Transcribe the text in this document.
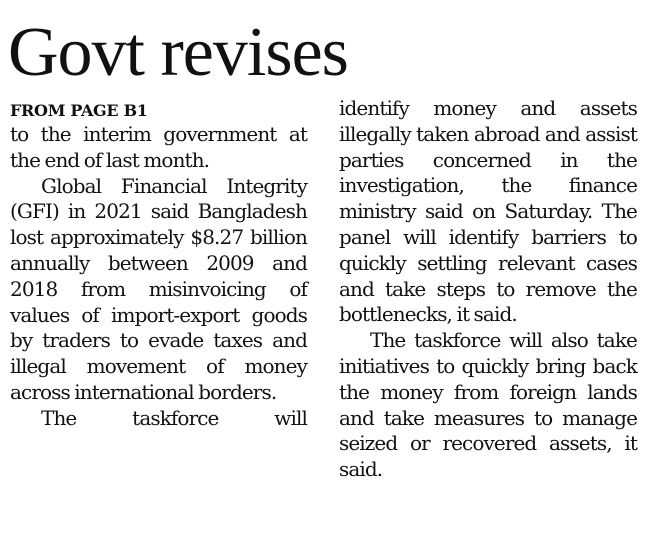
Govt revises
FROM PAGE B1

to the interim government at the end of last month.

Global Financial Integrity (GFI) in 2021 said Bangladesh lost approximately $8.27 billion annually between 2009 and 2018 from misinvoicing of values of import-export goods by traders to evade taxes and illegal movement of money across international borders.

The taskforce will

identify money and assets illegally taken abroad and assist parties concerned in the investigation, the finance ministry said on Saturday. The panel will identify barriers to quickly settling relevant cases and take steps to remove the bottlenecks, it said.

The taskforce will also take initiatives to quickly bring back the money from foreign lands and take measures to manage seized or recovered assets, it said.
